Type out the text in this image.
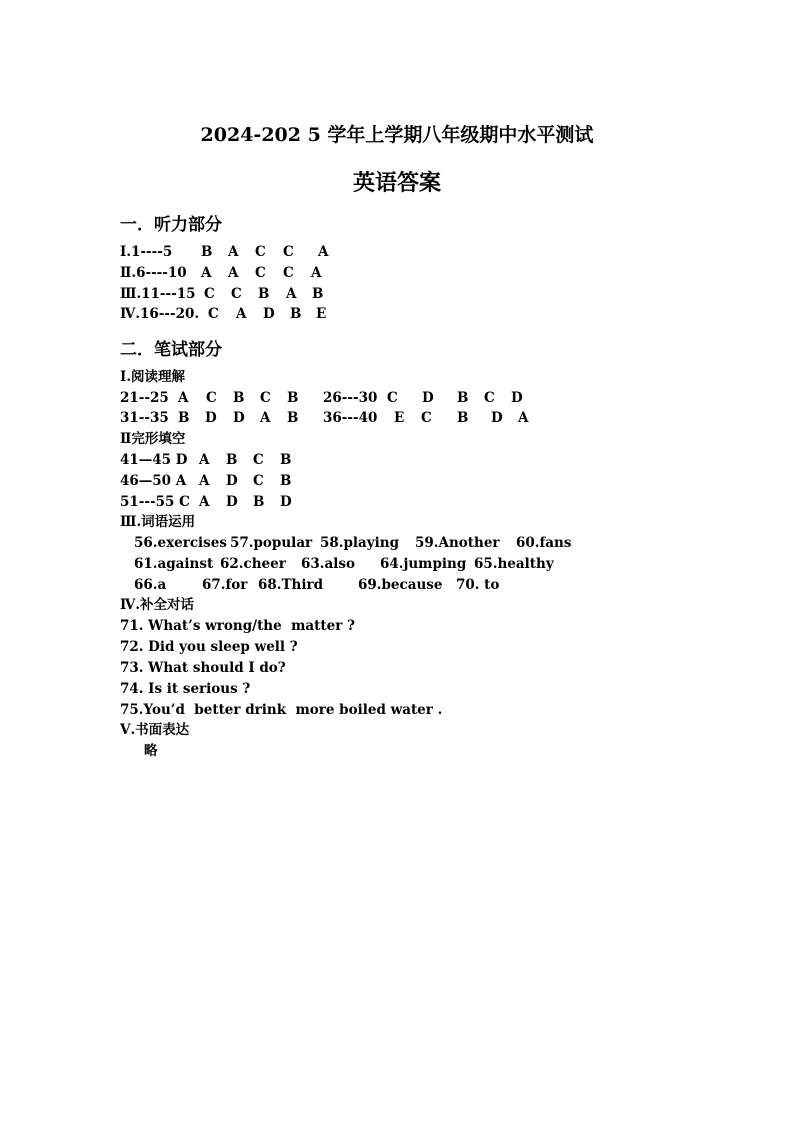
2024-202 5 学年上学期八年级期中水平测试
英语答案
一．听力部分

Ⅰ.1----5

B

A

C

C

A

Ⅱ.6----10

A

A

C

C

A

Ⅲ.11---15

C

C

B

A

B

Ⅳ.16---20.

C

A

D

B

E

二．笔试部分
Ⅰ.阅读理解

21--25

A

C

B

C

B

26---30

C

D

B

C

D

31--35

B

D

D

A

B

36---40

E

C

B

D

A

Ⅱ完形填空

41—45 D

A

B

C

B

46—50 A

A

D

C

B

51---55 C

A

D

B

D

Ⅲ.词语运用

56.exercises

57.popular

58.playing

59.Another

60.fans

61.against

62.cheer

63.also

64.jumping

65.healthy

66.a

	67.for

68.Third

	69.because

70. to

Ⅳ.补全对话
71. What’s wrong/the  matter ?
72. Did you sleep well ?
73. What should I do?
74. Is it serious ?
75.You’d  better drink  more boiled water .
Ⅴ.书面表达
略
